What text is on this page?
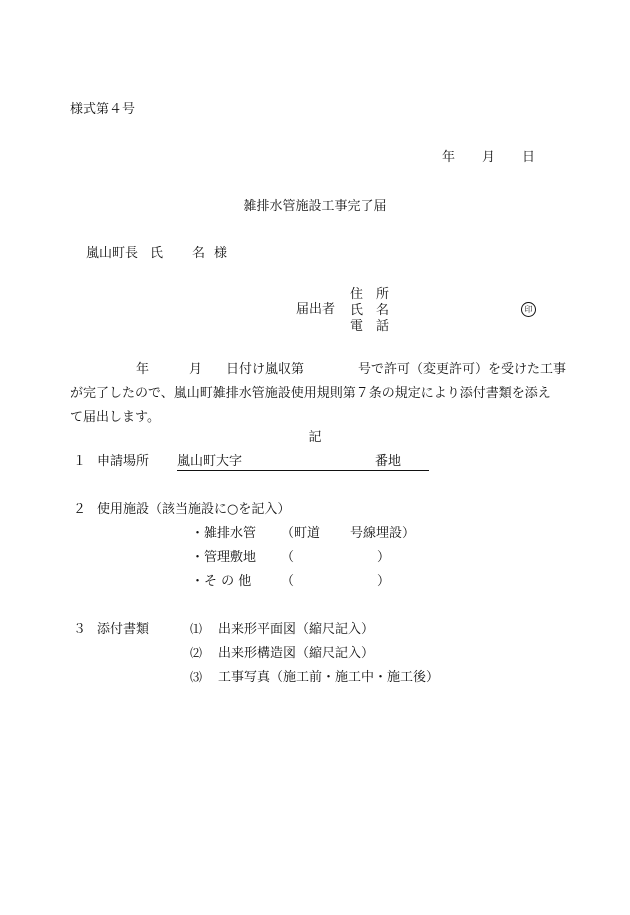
様式第４号
年 月 日
雑排水管施設工事完了届
嵐山町長 氏 名 様
届出者
住 所
氏 名
電 話
印
年	月 日付け嵐収第	号で許可（変更許可）を受けた工事
が完了したので、嵐山町雑排水管施設使用規則第７条の規定により添付書類を添え
て届出します。
記
１ 申請場所 嵐山町大字	番地
２ 使用施設（該当施設に○を記入）
・雑排水管 （町道 号線埋設）
・管理敷地 （	）
・そ の 他 （	）
３ 添付書類	⑴ 出来形平面図（縮尺記入）
⑵ 出来形構造図（縮尺記入）
⑶ 工事写真（施工前・施工中・施工後）
